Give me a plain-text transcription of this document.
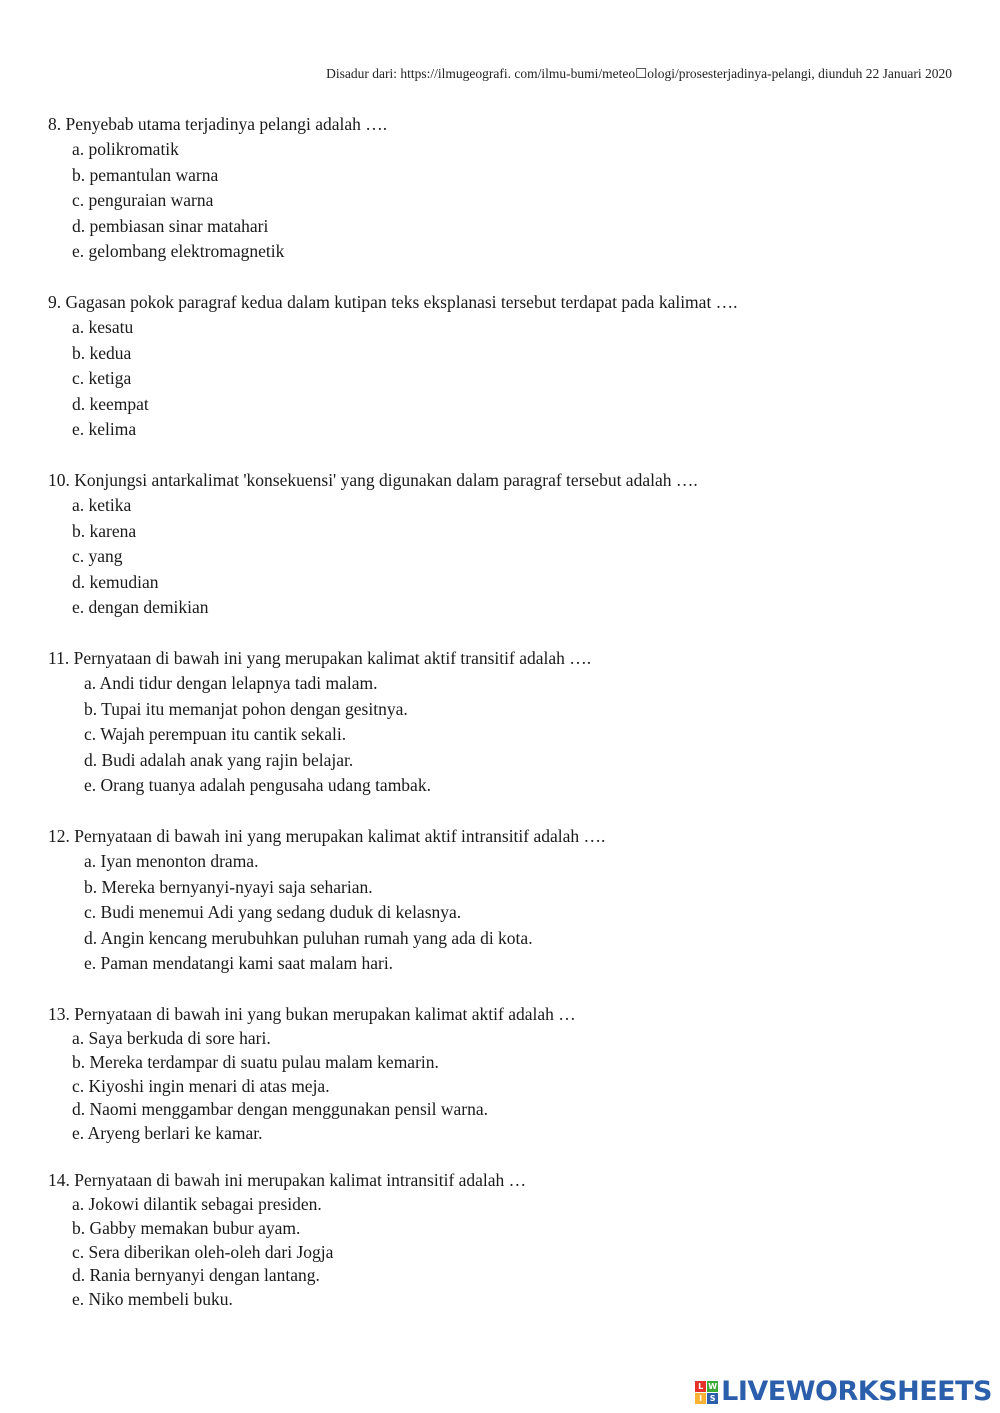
Disadur dari: https://ilmugeografi. com/ilmu-bumi/meteo☐ologi/prosesterjadinya-pelangi, diunduh 22 Januari 2020
8. Penyebab utama terjadinya pelangi adalah ….
a. polikromatik
b. pemantulan warna
c. penguraian warna
d. pembiasan sinar matahari
e. gelombang elektromagnetik
9. Gagasan pokok paragraf kedua dalam kutipan teks eksplanasi tersebut terdapat pada kalimat ….
a. kesatu
b. kedua
c. ketiga
d. keempat
e. kelima
10. Konjungsi antarkalimat 'konsekuensi' yang digunakan dalam paragraf tersebut adalah ….
a. ketika
b. karena
c. yang
d. kemudian
e. dengan demikian
11. Pernyataan di bawah ini yang merupakan kalimat aktif transitif adalah ….
a. Andi tidur dengan lelapnya tadi malam.
b. Tupai itu memanjat pohon dengan gesitnya.
c. Wajah perempuan itu cantik sekali.
d. Budi adalah anak yang rajin belajar.
e. Orang tuanya adalah pengusaha udang tambak.
12. Pernyataan di bawah ini yang merupakan kalimat aktif intransitif adalah ….
a. Iyan menonton drama.
b. Mereka bernyanyi-nyayi saja seharian.
c. Budi menemui Adi yang sedang duduk di kelasnya.
d. Angin kencang merubuhkan puluhan rumah yang ada di kota.
e. Paman mendatangi kami saat malam hari.
13. Pernyataan di bawah ini yang bukan merupakan kalimat aktif adalah …
a. Saya berkuda di sore hari.
b. Mereka terdampar di suatu pulau malam kemarin.
c. Kiyoshi ingin menari di atas meja.
d. Naomi menggambar dengan menggunakan pensil warna.
e. Aryeng berlari ke kamar.
14. Pernyataan di bawah ini merupakan kalimat intransitif adalah …
a. Jokowi dilantik sebagai presiden.
b. Gabby memakan bubur ayam.
c. Sera diberikan oleh-oleh dari Jogja
d. Rania bernyanyi dengan lantang.
e. Niko membeli buku.
L W
I S LIVEWORKSHEETS
